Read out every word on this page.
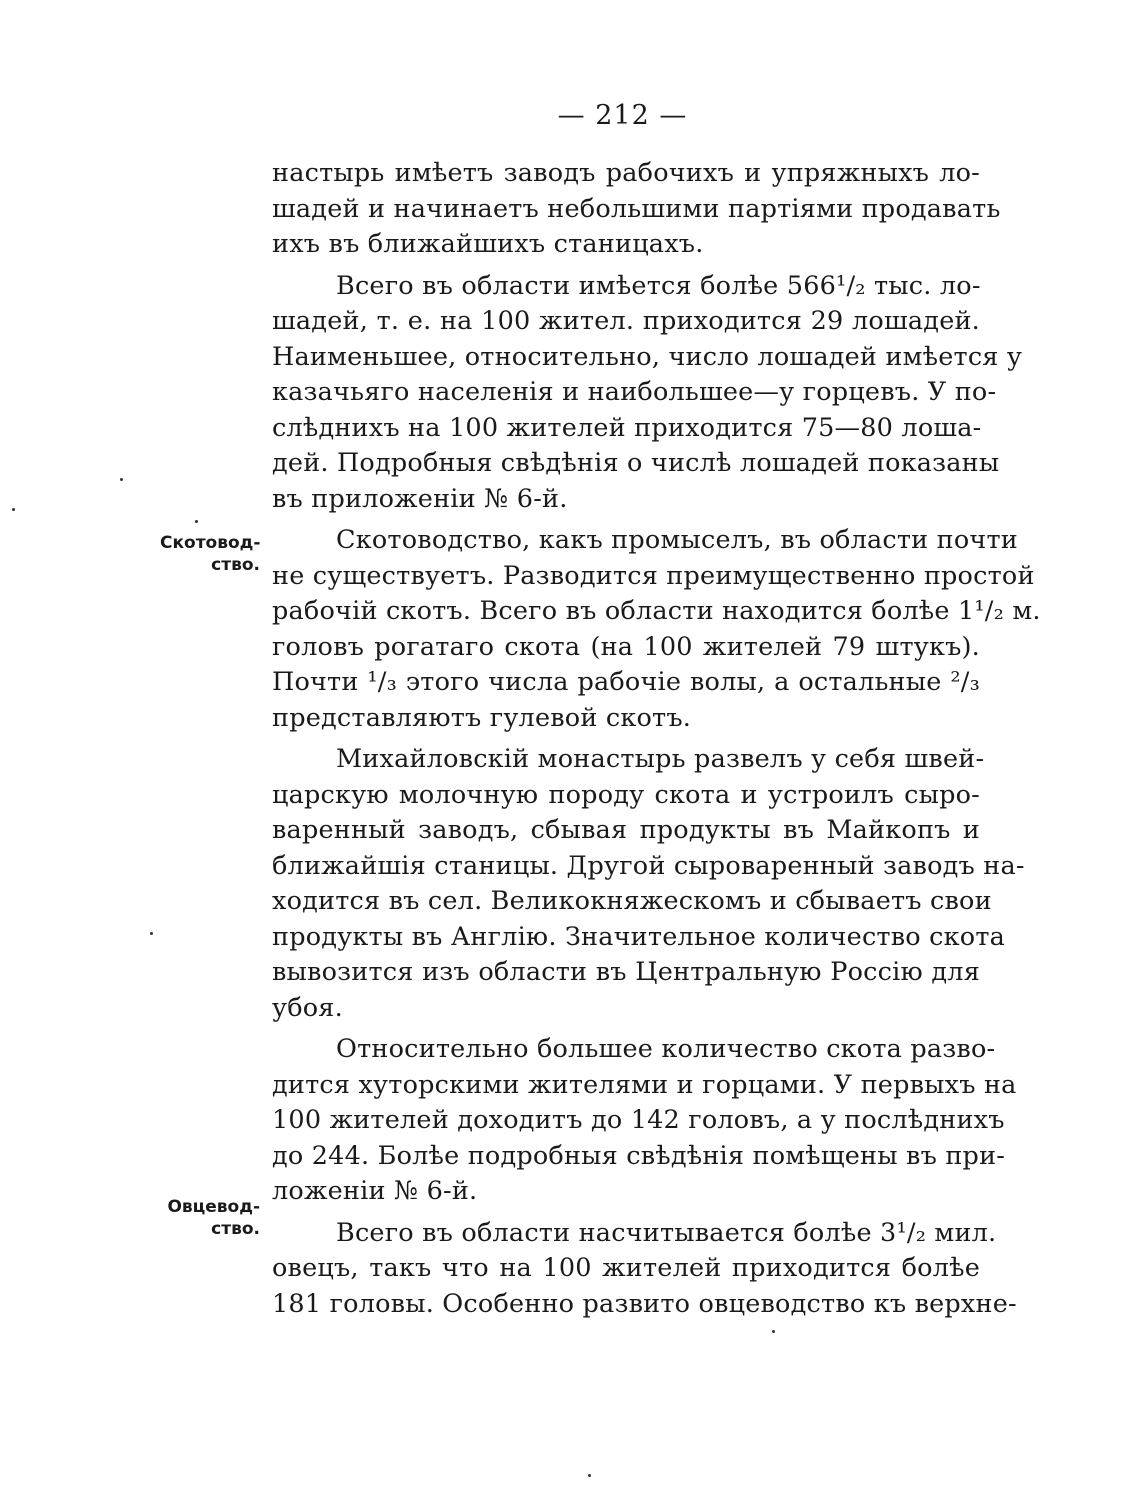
— 212 —
Скотовод-
ство.
Овцевод-
ство.
настырь имѣетъ заводъ рабочихъ и упряжныхъ ло-
шадей и начинаетъ небольшими партіями продавать
ихъ въ ближайшихъ станицахъ.
Всего въ области имѣется болѣе 566¹/₂ тыс. ло-
шадей, т. е. на 100 жител. приходится 29 лошадей.
Наименьшее, относительно, число лошадей имѣется у
казачьяго населенія и наибольшее—у горцевъ. У по-
слѣднихъ на 100 жителей приходится 75—80 лоша-
дей. Подробныя свѣдѣнія о числѣ лошадей показаны
въ приложеніи № 6-й.
Скотоводство, какъ промыселъ, въ области почти
не существуетъ. Разводится преимущественно простой
рабочій скотъ. Всего въ области находится болѣе 1¹/₂ м.
головъ рогатаго скота (на 100 жителей 79 штукъ).
Почти ¹/₃ этого числа рабочіе волы, а остальные ²/₃
представляютъ гулевой скотъ.
Михайловскій монастырь развелъ у себя швей-
царскую молочную породу скота и устроилъ сыро-
варенный заводъ, сбывая продукты въ Майкопъ и
ближайшія станицы. Другой сыроваренный заводъ на-
ходится въ сел. Великокняжескомъ и сбываетъ свои
продукты въ Англію. Значительное количество скота
вывозится изъ области въ Центральную Россію для
убоя.
Относительно большее количество скота разво-
дится хуторскими жителями и горцами. У первыхъ на
100 жителей доходитъ до 142 головъ, а у послѣднихъ
до 244. Болѣе подробныя свѣдѣнія помѣщены въ при-
ложеніи № 6-й.
Всего въ области насчитывается болѣе 3¹/₂ мил.
овецъ, такъ что на 100 жителей приходится болѣе
181 головы. Особенно развито овцеводство къ верхне-
